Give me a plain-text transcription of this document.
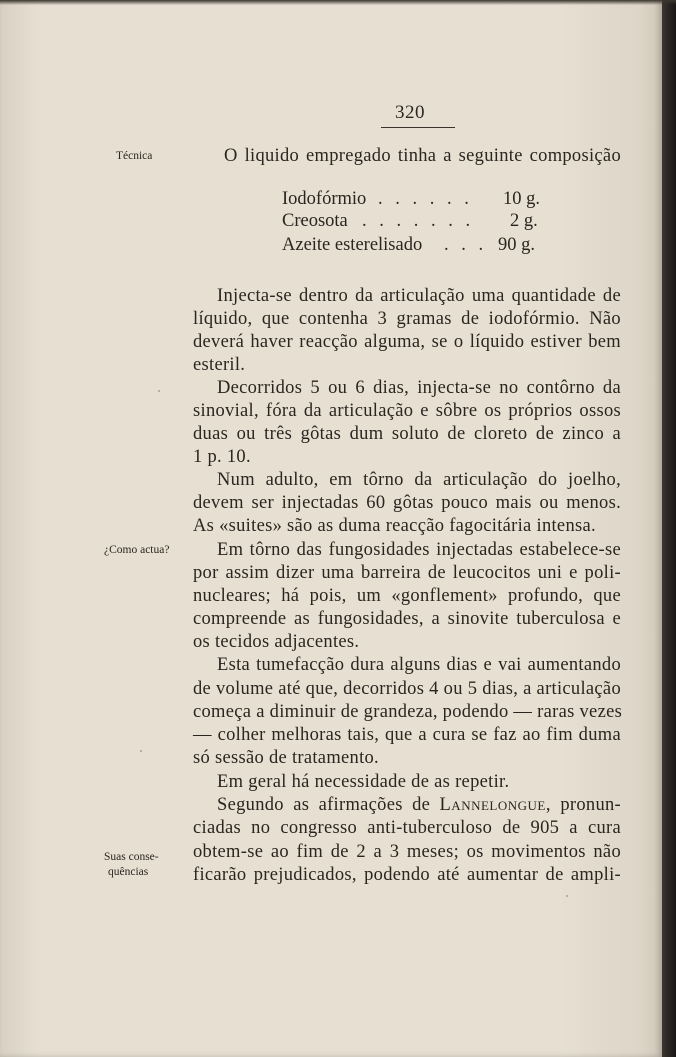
320
Técnica
¿Como actua?
Suas conse-
quências
O liquido empregado tinha a seguinte composição
Iodofórmio . . . . . . 10 g.
Creosota . . . . . . . 2 g.
Azeite esterelisado . . . 90 g.
Injecta-se dentro da articulação uma quantidade de
líquido, que contenha 3 gramas de iodofórmio. Não
deverá haver reacção alguma, se o líquido estiver bem
esteril.
Decorridos 5 ou 6 dias, injecta-se no contôrno da
sinovial, fóra da articulação e sôbre os próprios ossos
duas ou três gôtas dum soluto de cloreto de zinco a
1 p. 10.
Num adulto, em tôrno da articulação do joelho,
devem ser injectadas 60 gôtas pouco mais ou menos.
As «suites» são as duma reacção fagocitária intensa.
Em tôrno das fungosidades injectadas estabelece-se
por assim dizer uma barreira de leucocitos uni e poli-
nucleares; há pois, um «gonflement» profundo, que
compreende as fungosidades, a sinovite tuberculosa e
os tecidos adjacentes.
Esta tumefacção dura alguns dias e vai aumentando
de volume até que, decorridos 4 ou 5 dias, a articulação
começa a diminuir de grandeza, podendo — raras vezes
— colher melhoras tais, que a cura se faz ao fim duma
só sessão de tratamento.
Em geral há necessidade de as repetir.
Segundo as afirmações de Lannelongue, pronun-
ciadas no congresso anti-tuberculoso de 905 a cura
obtem-se ao fim de 2 a 3 meses; os movimentos não
ficarão prejudicados, podendo até aumentar de ampli-
